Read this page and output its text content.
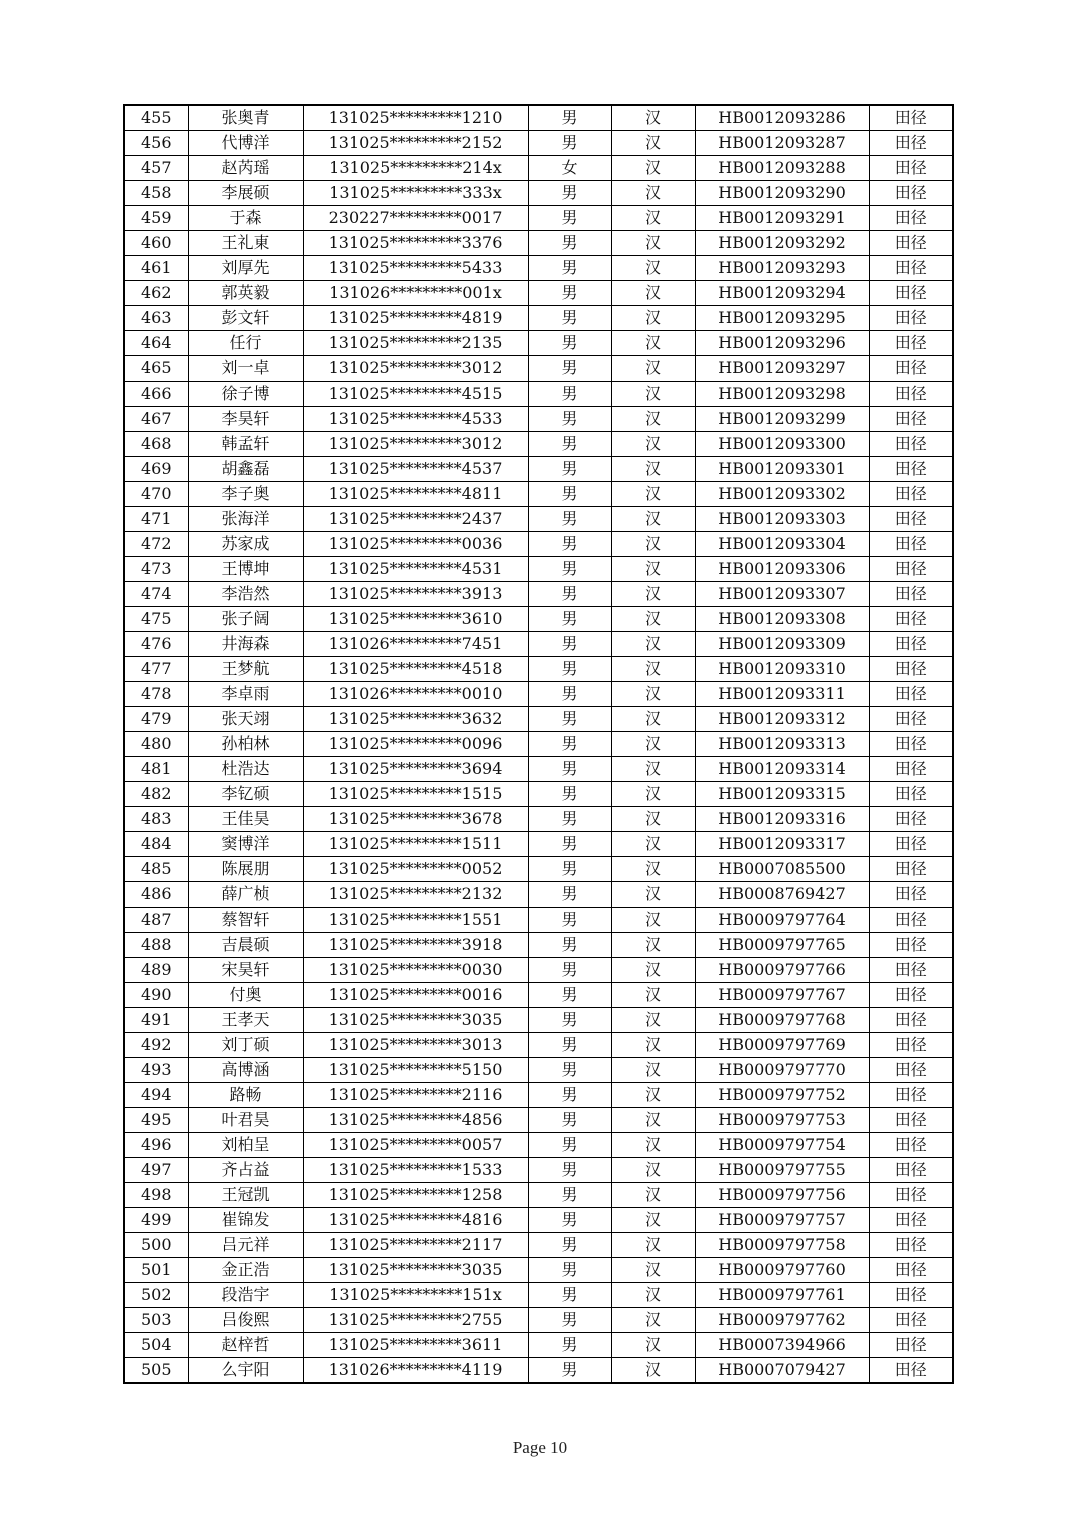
455	张奥青	131025*********1210	男	汉	HB0012093286	田径
456	代博洋	131025*********2152	男	汉	HB0012093287	田径
457	赵芮瑶	131025*********214x	女	汉	HB0012093288	田径
458	李展硕	131025*********333x	男	汉	HB0012093290	田径
459	于森	230227*********0017	男	汉	HB0012093291	田径
460	王礼東	131025*********3376	男	汉	HB0012093292	田径
461	刘厚先	131025*********5433	男	汉	HB0012093293	田径
462	郭英毅	131026*********001x	男	汉	HB0012093294	田径
463	彭文轩	131025*********4819	男	汉	HB0012093295	田径
464	任行	131025*********2135	男	汉	HB0012093296	田径
465	刘一卓	131025*********3012	男	汉	HB0012093297	田径
466	徐子博	131025*********4515	男	汉	HB0012093298	田径
467	李昊轩	131025*********4533	男	汉	HB0012093299	田径
468	韩孟轩	131025*********3012	男	汉	HB0012093300	田径
469	胡鑫磊	131025*********4537	男	汉	HB0012093301	田径
470	李子奥	131025*********4811	男	汉	HB0012093302	田径
471	张海洋	131025*********2437	男	汉	HB0012093303	田径
472	苏家成	131025*********0036	男	汉	HB0012093304	田径
473	王博坤	131025*********4531	男	汉	HB0012093306	田径
474	李浩然	131025*********3913	男	汉	HB0012093307	田径
475	张子阔	131025*********3610	男	汉	HB0012093308	田径
476	井海森	131026*********7451	男	汉	HB0012093309	田径
477	王梦航	131025*********4518	男	汉	HB0012093310	田径
478	李卓雨	131026*********0010	男	汉	HB0012093311	田径
479	张天翊	131025*********3632	男	汉	HB0012093312	田径
480	孙柏林	131025*********0096	男	汉	HB0012093313	田径
481	杜浩达	131025*********3694	男	汉	HB0012093314	田径
482	李钇硕	131025*********1515	男	汉	HB0012093315	田径
483	王佳昊	131025*********3678	男	汉	HB0012093316	田径
484	窦博洋	131025*********1511	男	汉	HB0012093317	田径
485	陈展朋	131025*********0052	男	汉	HB0007085500	田径
486	薛广桢	131025*********2132	男	汉	HB0008769427	田径
487	蔡智轩	131025*********1551	男	汉	HB0009797764	田径
488	吉晨硕	131025*********3918	男	汉	HB0009797765	田径
489	宋昊轩	131025*********0030	男	汉	HB0009797766	田径
490	付奥	131025*********0016	男	汉	HB0009797767	田径
491	王孝天	131025*********3035	男	汉	HB0009797768	田径
492	刘丁硕	131025*********3013	男	汉	HB0009797769	田径
493	高博涵	131025*********5150	男	汉	HB0009797770	田径
494	路畅	131025*********2116	男	汉	HB0009797752	田径
495	叶君昊	131025*********4856	男	汉	HB0009797753	田径
496	刘柏呈	131025*********0057	男	汉	HB0009797754	田径
497	齐占益	131025*********1533	男	汉	HB0009797755	田径
498	王冠凯	131025*********1258	男	汉	HB0009797756	田径
499	崔锦发	131025*********4816	男	汉	HB0009797757	田径
500	吕元祥	131025*********2117	男	汉	HB0009797758	田径
501	金正浩	131025*********3035	男	汉	HB0009797760	田径
502	段浩宇	131025*********151x	男	汉	HB0009797761	田径
503	吕俊熙	131025*********2755	男	汉	HB0009797762	田径
504	赵梓哲	131025*********3611	男	汉	HB0007394966	田径
505	么宇阳	131026*********4119	男	汉	HB0007079427	田径
Page 10
